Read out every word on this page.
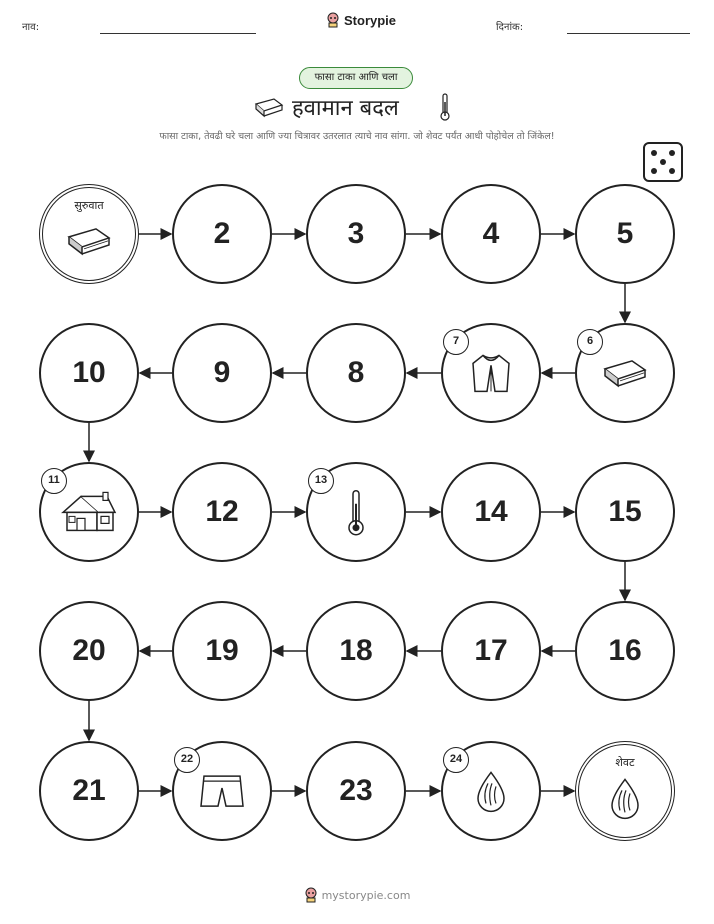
नाव:	Storypie	दिनांक:
फासा टाका आणि चला
हवामान बदल
फासा टाका, तेवढी घरे चला आणि ज्या चित्रावर उतरलात त्याचे नाव सांगा. जो शेवट पर्यंत आधी पोहोचेल तो जिंकेल!
सुरुवात
2	3	4	5
6
7
8
9
10
11
12
13
14	15
16
17
18
19
20
21
22
23
24	शेवट
mystorypie.com
